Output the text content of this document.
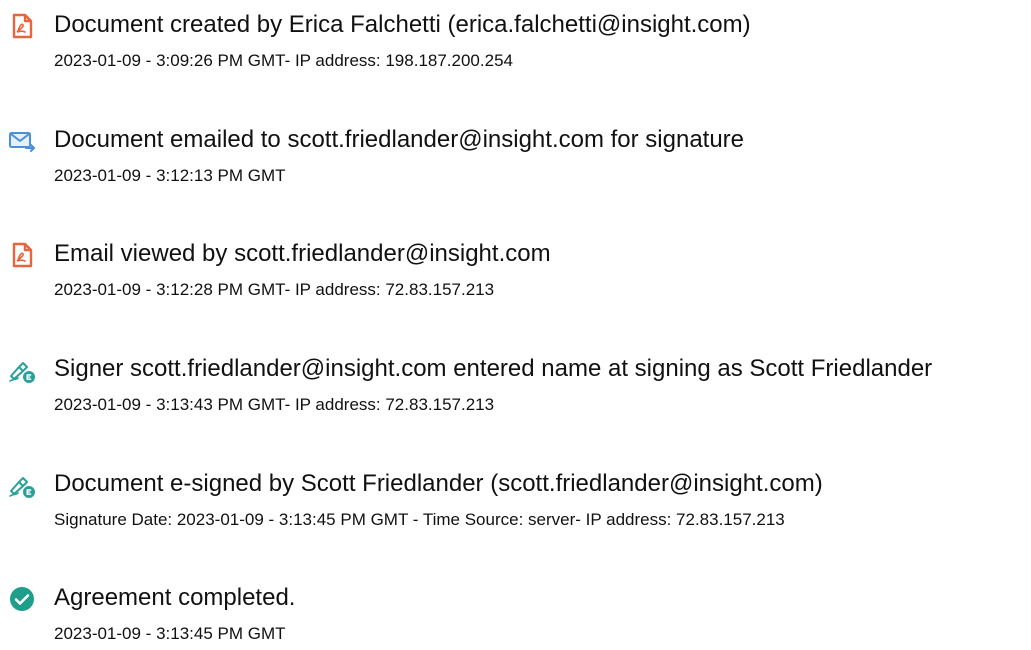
Document created by Erica Falchetti (erica.falchetti@insight.com)
2023-01-09 - 3:09:26 PM GMT- IP address: 198.187.200.254
Document emailed to scott.friedlander@insight.com for signature
2023-01-09 - 3:12:13 PM GMT
Email viewed by scott.friedlander@insight.com
2023-01-09 - 3:12:28 PM GMT- IP address: 72.83.157.213
Signer scott.friedlander@insight.com entered name at signing as Scott Friedlander
2023-01-09 - 3:13:43 PM GMT- IP address: 72.83.157.213
Document e-signed by Scott Friedlander (scott.friedlander@insight.com)
Signature Date: 2023-01-09 - 3:13:45 PM GMT - Time Source: server- IP address: 72.83.157.213
Agreement completed.
2023-01-09 - 3:13:45 PM GMT
